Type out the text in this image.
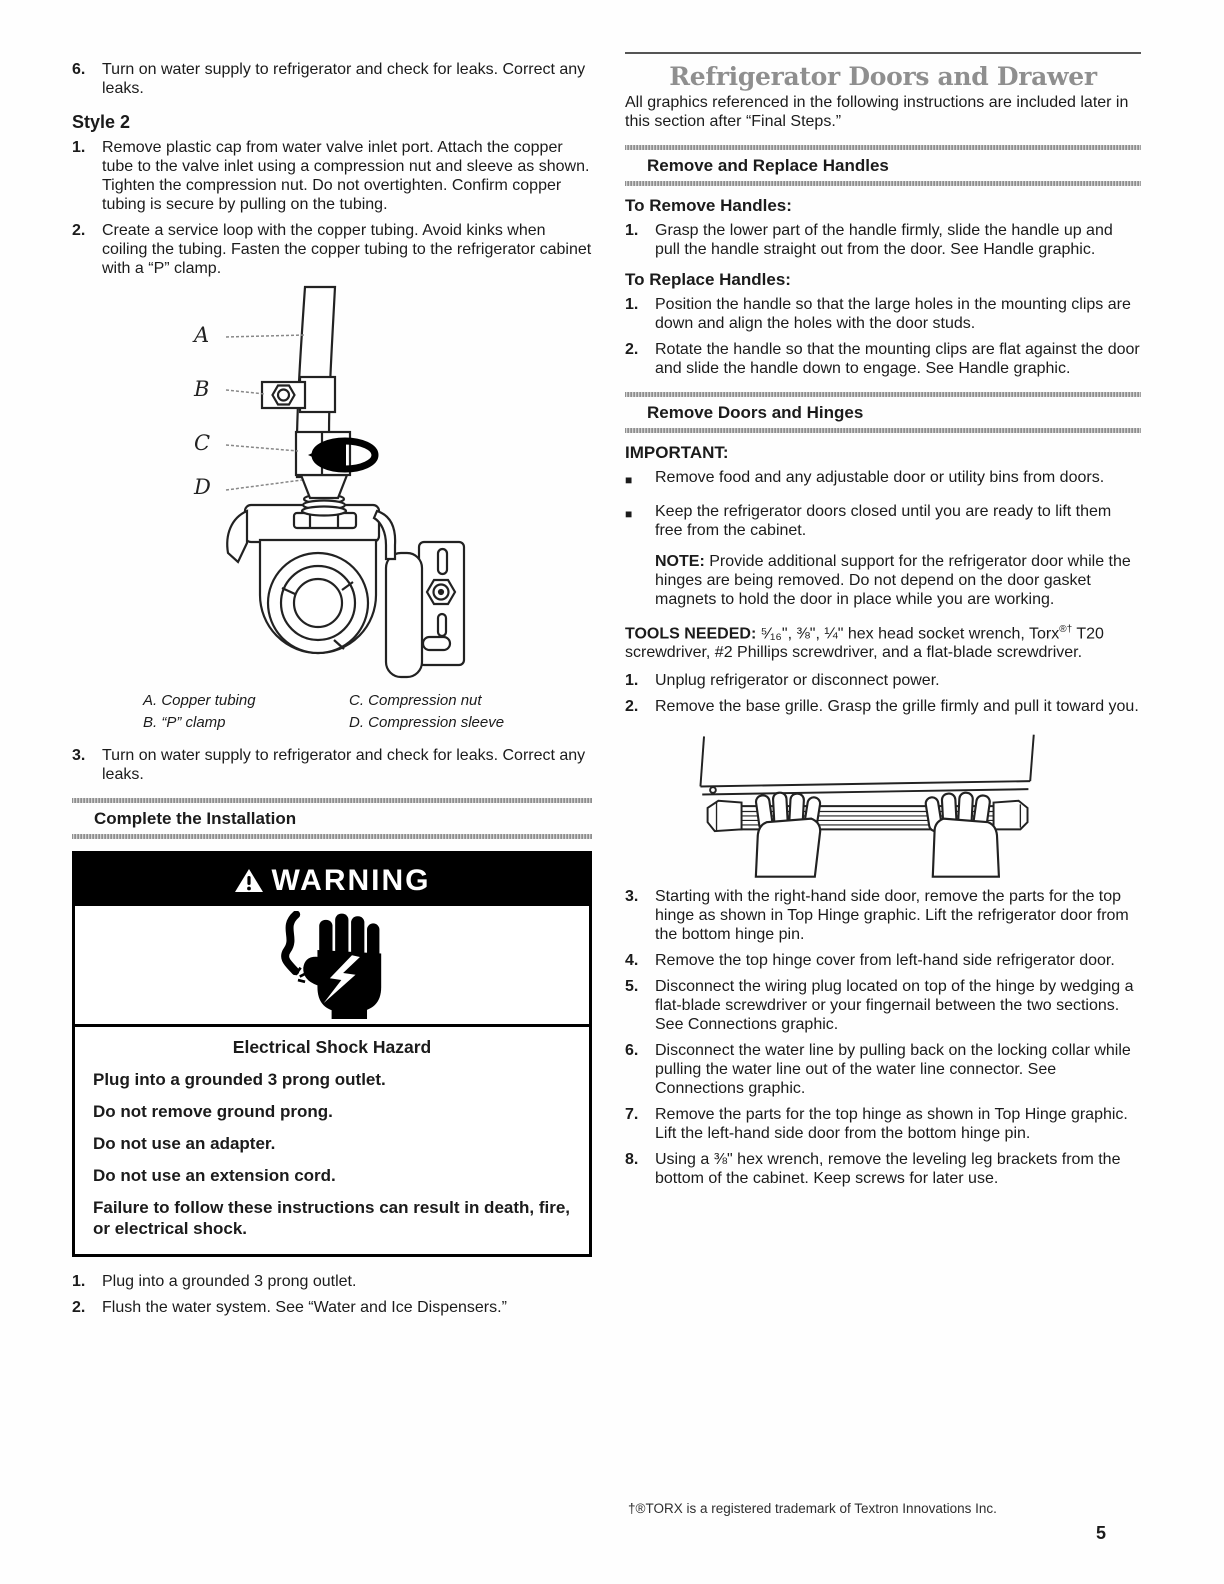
6.	Turn on water supply to refrigerator and check for leaks. Correct any leaks.
Style 2
1.	Remove plastic cap from water valve inlet port. Attach the copper tube to the valve inlet using a compression nut and sleeve as shown. Tighten the compression nut. Do not overtighten. Confirm copper tubing is secure by pulling on the tubing.
2.	Create a service loop with the copper tubing. Avoid kinks when coiling the tubing. Fasten the copper tubing to the refrigerator cabinet with a “P” clamp.
A
B
C
D
A. Copper tubing	C. Compression nut
B. “P” clamp	D. Compression sleeve
3.	Turn on water supply to refrigerator and check for leaks. Correct any leaks.
Complete the Installation
WARNING
Electrical Shock Hazard
Plug into a grounded 3 prong outlet.
Do not remove ground prong.
Do not use an adapter.
Do not use an extension cord.
Failure to follow these instructions can result in death, fire, or electrical shock.
1.	Plug into a grounded 3 prong outlet.
2.	Flush the water system. See “Water and Ice Dispensers.”
Refrigerator Doors and Drawer
All graphics referenced in the following instructions are included later in this section after “Final Steps.”
Remove and Replace Handles
To Remove Handles:
1.	Grasp the lower part of the handle firmly, slide the handle up and pull the handle straight out from the door. See Handle graphic.
To Replace Handles:
1.	Position the handle so that the large holes in the mounting clips are down and align the holes with the door studs.
2.	Rotate the handle so that the mounting clips are flat against the door and slide the handle down to engage. See Handle graphic.
Remove Doors and Hinges
IMPORTANT:
■	Remove food and any adjustable door or utility bins from doors.
■	Keep the refrigerator doors closed until you are ready to lift them free from the cabinet.
NOTE: Provide additional support for the refrigerator door while the hinges are being removed. Do not depend on the door gasket magnets to hold the door in place while you are working.
TOOLS NEEDED: ⁵⁄₁₆", ⅜", ¼" hex head socket wrench, Torx®† T20 screwdriver, #2 Phillips screwdriver, and a flat-blade screwdriver.
1.	Unplug refrigerator or disconnect power.
2.	Remove the base grille. Grasp the grille firmly and pull it toward you.
3.	Starting with the right-hand side door, remove the parts for the top hinge as shown in Top Hinge graphic. Lift the refrigerator door from the bottom hinge pin.
4.	Remove the top hinge cover from left-hand side refrigerator door.
5.	Disconnect the wiring plug located on top of the hinge by wedging a flat-blade screwdriver or your fingernail between the two sections. See Connections graphic.
6.	Disconnect the water line by pulling back on the locking collar while pulling the water line out of the water line connector. See Connections graphic.
7.	Remove the parts for the top hinge as shown in Top Hinge graphic. Lift the left-hand side door from the bottom hinge pin.
8.	Using a ⅜" hex wrench, remove the leveling leg brackets from the bottom of the cabinet. Keep screws for later use.
†®TORX is a registered trademark of Textron Innovations Inc.
5
